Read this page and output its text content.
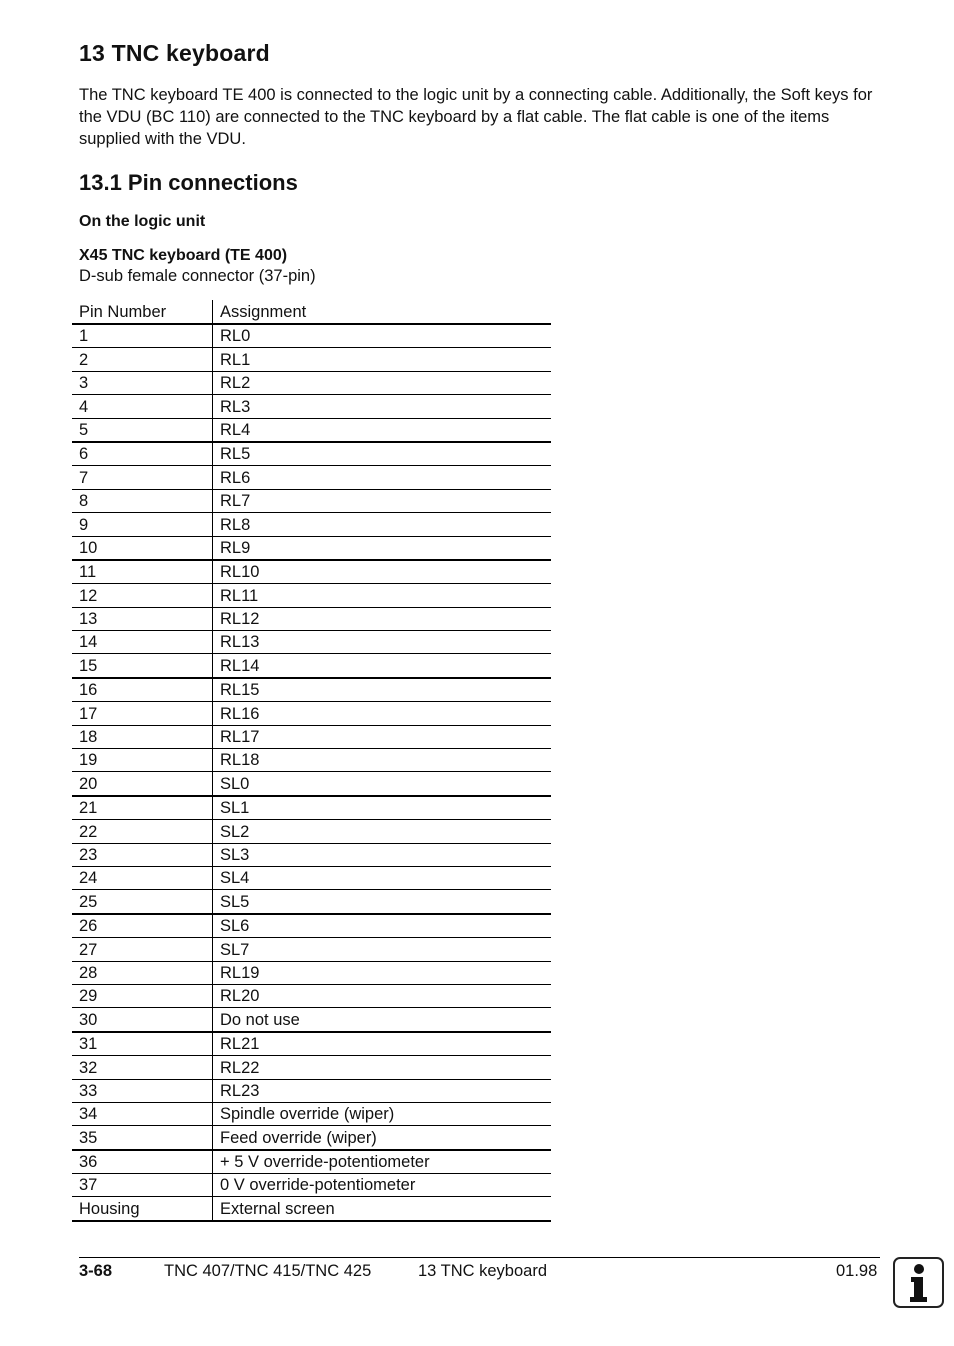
13 TNC keyboard

The TNC keyboard TE 400 is connected to the logic unit by a connecting cable. Additionally, the Soft keys for the VDU (BC 110) are connected to the TNC keyboard by a flat cable. The flat cable is one of the items supplied with the VDU.

13.1 Pin connections

On the logic unit

X45 TNC keyboard (TE 400)

D-sub female connector (37-pin)

Pin Number	Assignment
1	RL0
2	RL1
3	RL2
4	RL3
5	RL4
6	RL5
7	RL6
8	RL7
9	RL8
10	RL9
11	RL10
12	RL11
13	RL12
14	RL13
15	RL14
16	RL15
17	RL16
18	RL17
19	RL18
20	SL0
21	SL1
22	SL2
23	SL3
24	SL4
25	SL5
26	SL6
27	SL7
28	RL19
29	RL20
30	Do not use
31	RL21
32	RL22
33	RL23
34	Spindle override (wiper)
35	Feed override (wiper)
36	+ 5 V override-potentiometer
37	0 V override-potentiometer
Housing	External screen

3-68	TNC 407/TNC 415/TNC 425	13 TNC keyboard	01.98
